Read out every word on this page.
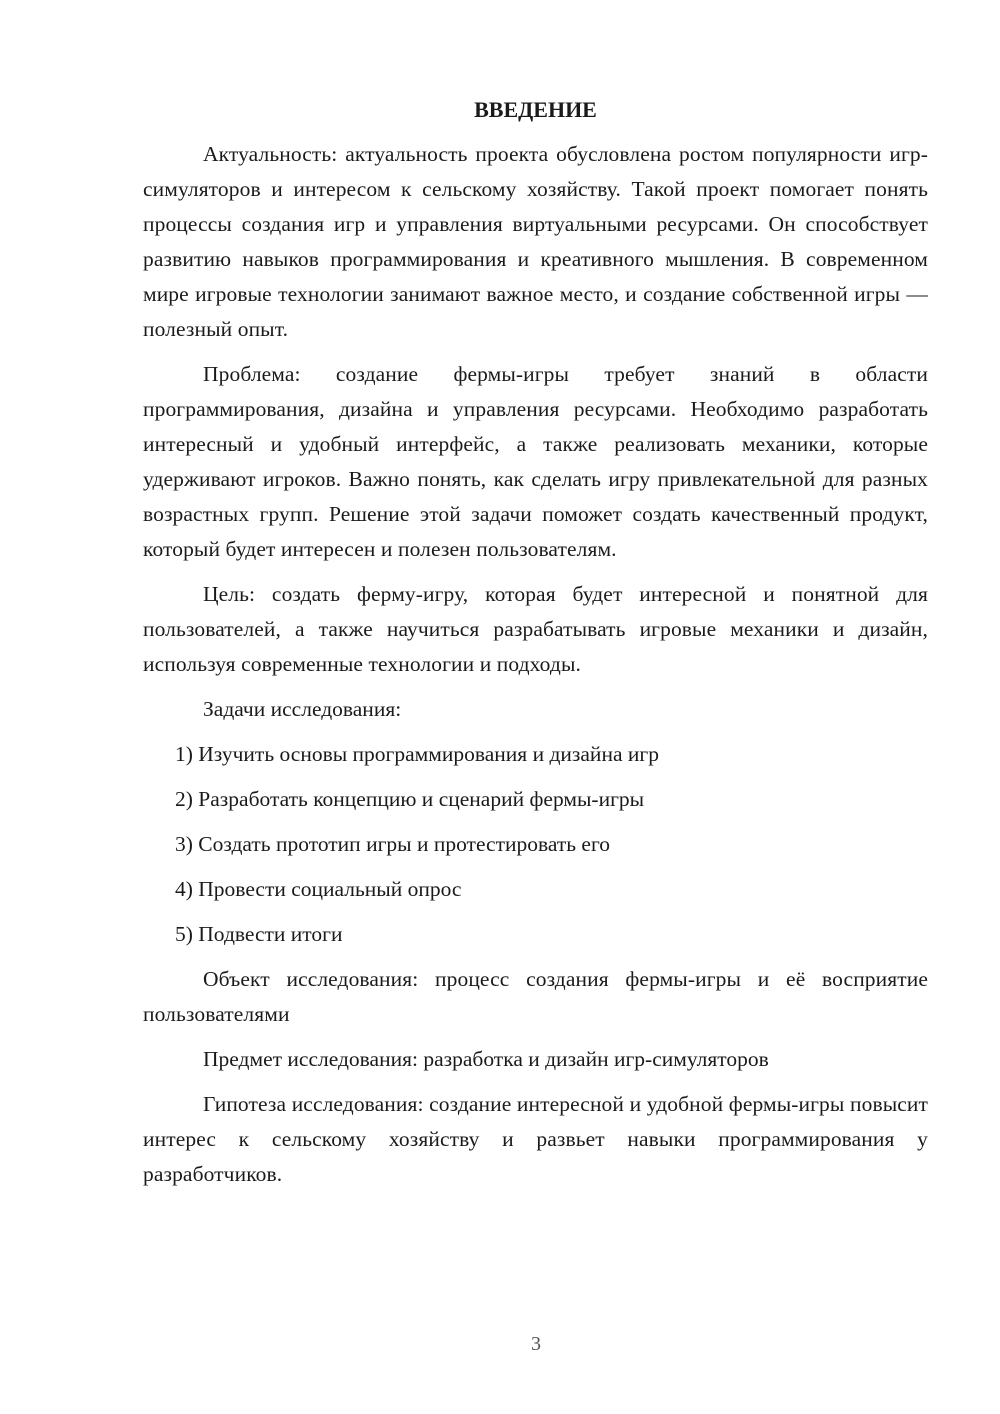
ВВЕДЕНИЕ

Актуальность: актуальность проекта обусловлена ростом популярности игр-симуляторов и интересом к сельскому хозяйству. Такой проект помогает понять процессы создания игр и управления виртуальными ресурсами. Он способствует развитию навыков программирования и креативного мышления. В современном мире игровые технологии занимают важное место, и создание собственной игры — полезный опыт.

Проблема: создание фермы-игры требует знаний в области программирования, дизайна и управления ресурсами. Необходимо разработать интересный и удобный интерфейс, а также реализовать механики, которые удерживают игроков. Важно понять, как сделать игру привлекательной для разных возрастных групп. Решение этой задачи поможет создать качественный продукт, который будет интересен и полезен пользователям.

Цель: создать ферму-игру, которая будет интересной и понятной для пользователей, а также научиться разрабатывать игровые механики и дизайн, используя современные технологии и подходы.

Задачи исследования:

1) Изучить основы программирования и дизайна игр

2) Разработать концепцию и сценарий фермы-игры

3) Создать прототип игры и протестировать его

4) Провести социальный опрос

5) Подвести итоги

Объект исследования: процесс создания фермы-игры и её восприятие пользователями

Предмет исследования: разработка и дизайн игр-симуляторов

Гипотеза исследования: создание интересной и удобной фермы-игры повысит интерес к сельскому хозяйству и развьет навыки программирования у разработчиков.

3
